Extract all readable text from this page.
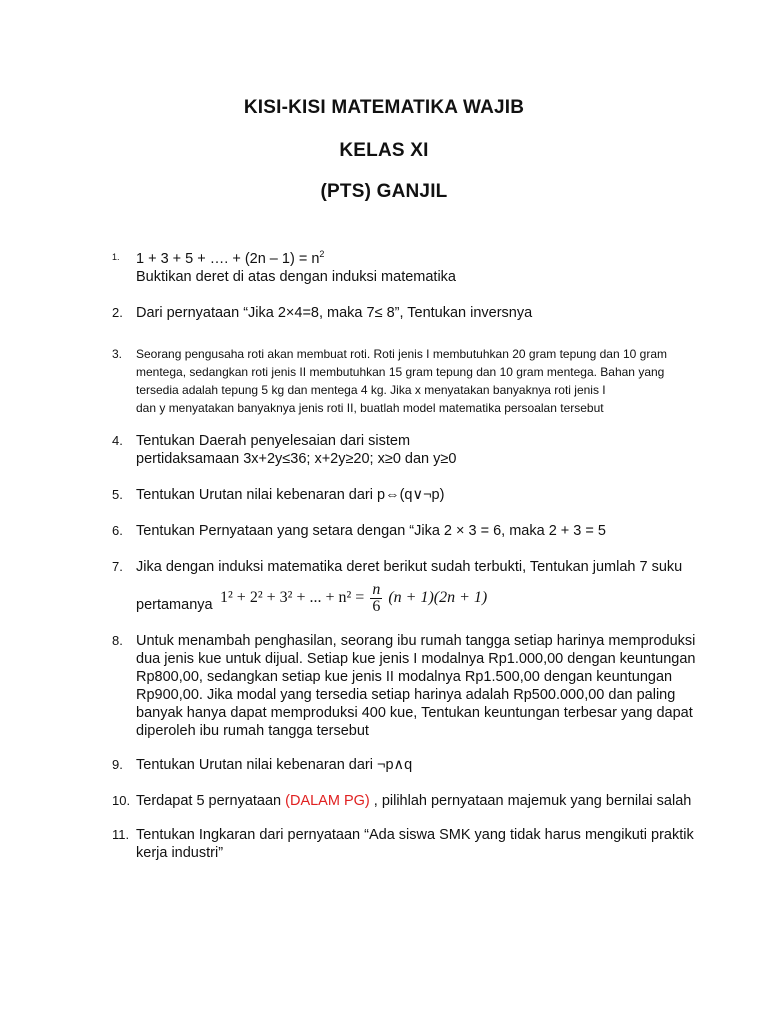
KISI-KISI MATEMATIKA WAJIB
KELAS XI
(PTS) GANJIL
1.	1 + 3 + 5 + …. + $(2n - 1) = n^2$
Buktikan deret di atas dengan induksi matematika
2. Dari pernyataan “Jika 2×4=8, maka 7≤ 8”, Tentukan inversnya
3.	Seorang pengusaha roti akan membuat roti. Roti jenis I membutuhkan 20 gram tepung dan 10 gram
mentega, sedangkan roti jenis II membutuhkan 15 gram tepung dan 10 gram mentega. Bahan yang
tersedia adalah tepung 5 kg dan mentega 4 kg. Jika x menyatakan banyaknya roti jenis I
dan y menyatakan banyaknya jenis roti II, buatlah model matematika persoalan tersebut
4. Tentukan Daerah penyelesaian dari sistem
pertidaksamaan 3x+2y≤36; x+2y≥20; x≥0 dan y≥0
5. Tentukan Urutan nilai kebenaran dari p⇔(q∨¬p)
6. Tentukan Pernyataan yang setara dengan “Jika 2 × 3 = 6, maka 2 + 3 = 5
7. Jika dengan induksi matematika deret berikut sudah terbukti, Tentukan jumlah 7 suku
pertamanya 1² + 2² + 3² + ... + $n^2 = \frac{n}{6} (n + 1)(2n + 1)$
8. Untuk menambah penghasilan, seorang ibu rumah tangga setiap harinya memproduksi
dua jenis kue untuk dijual. Setiap kue jenis I modalnya Rp1.000,00 dengan keuntungan
Rp800,00, sedangkan setiap kue jenis II modalnya Rp1.500,00 dengan keuntungan
Rp900,00. Jika modal yang tersedia setiap harinya adalah Rp500.000,00 dan paling
banyak hanya dapat memproduksi 400 kue, Tentukan keuntungan terbesar yang dapat
diperoleh ibu rumah tangga tersebut
9. Tentukan Urutan nilai kebenaran dari ¬p∧q
10. Terdapat 5 pernyataan (DALAM PG) , pilihlah pernyataan majemuk yang bernilai salah
11. Tentukan Ingkaran dari pernyataan “Ada siswa SMK yang tidak harus mengikuti praktik
kerja industri”
